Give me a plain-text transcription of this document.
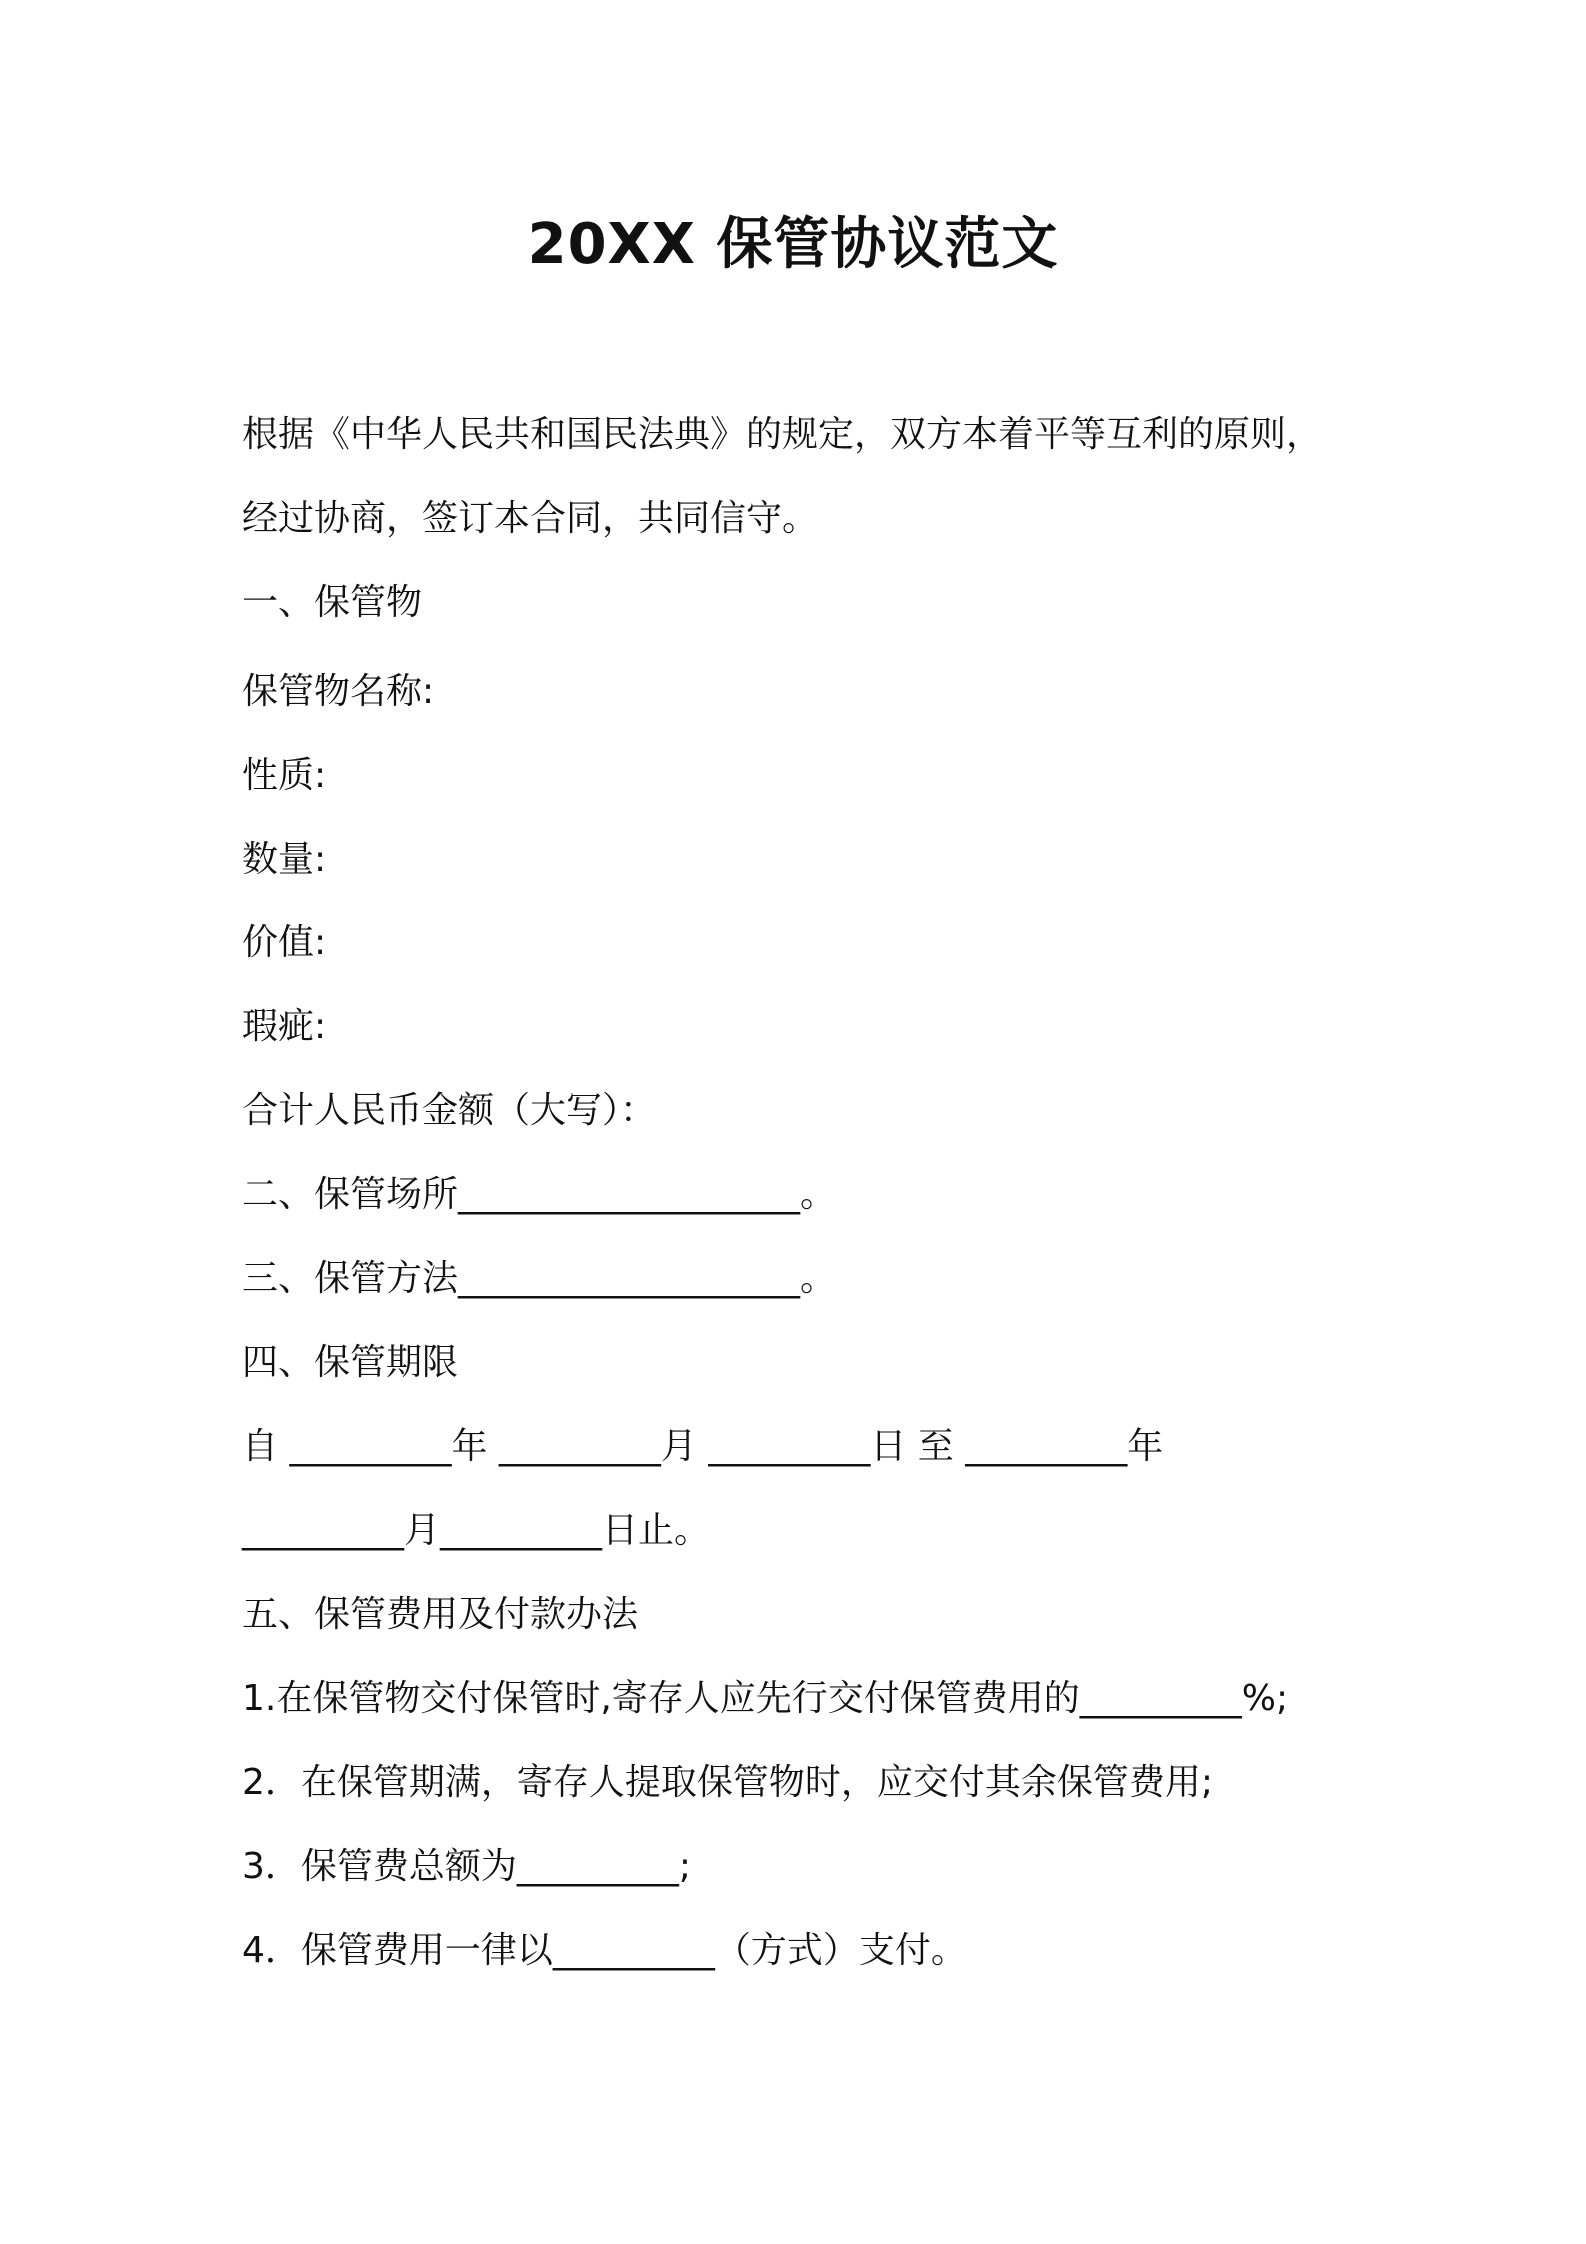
20XX 保管协议范文
根据《中华人民共和国民法典》的规定，双方本着平等互利的原则，
经过协商，签订本合同，共同信守。
一、保管物
保管物名称:
性质:
数量:
价值:
瑕疵:
合计人民币金额（大写）：
二、保管场所___________________。
三、保管方法___________________。
四、保管期限
自 _________年 _________月 _________日 至 _________年
_________月_________日止。
五、保管费用及付款办法
1.在保管物交付保管时,寄存人应先行交付保管费用的_________%;
2．在保管期满，寄存人提取保管物时，应交付其余保管费用;
3．保管费总额为_________;
4．保管费用一律以_________（方式）支付。
